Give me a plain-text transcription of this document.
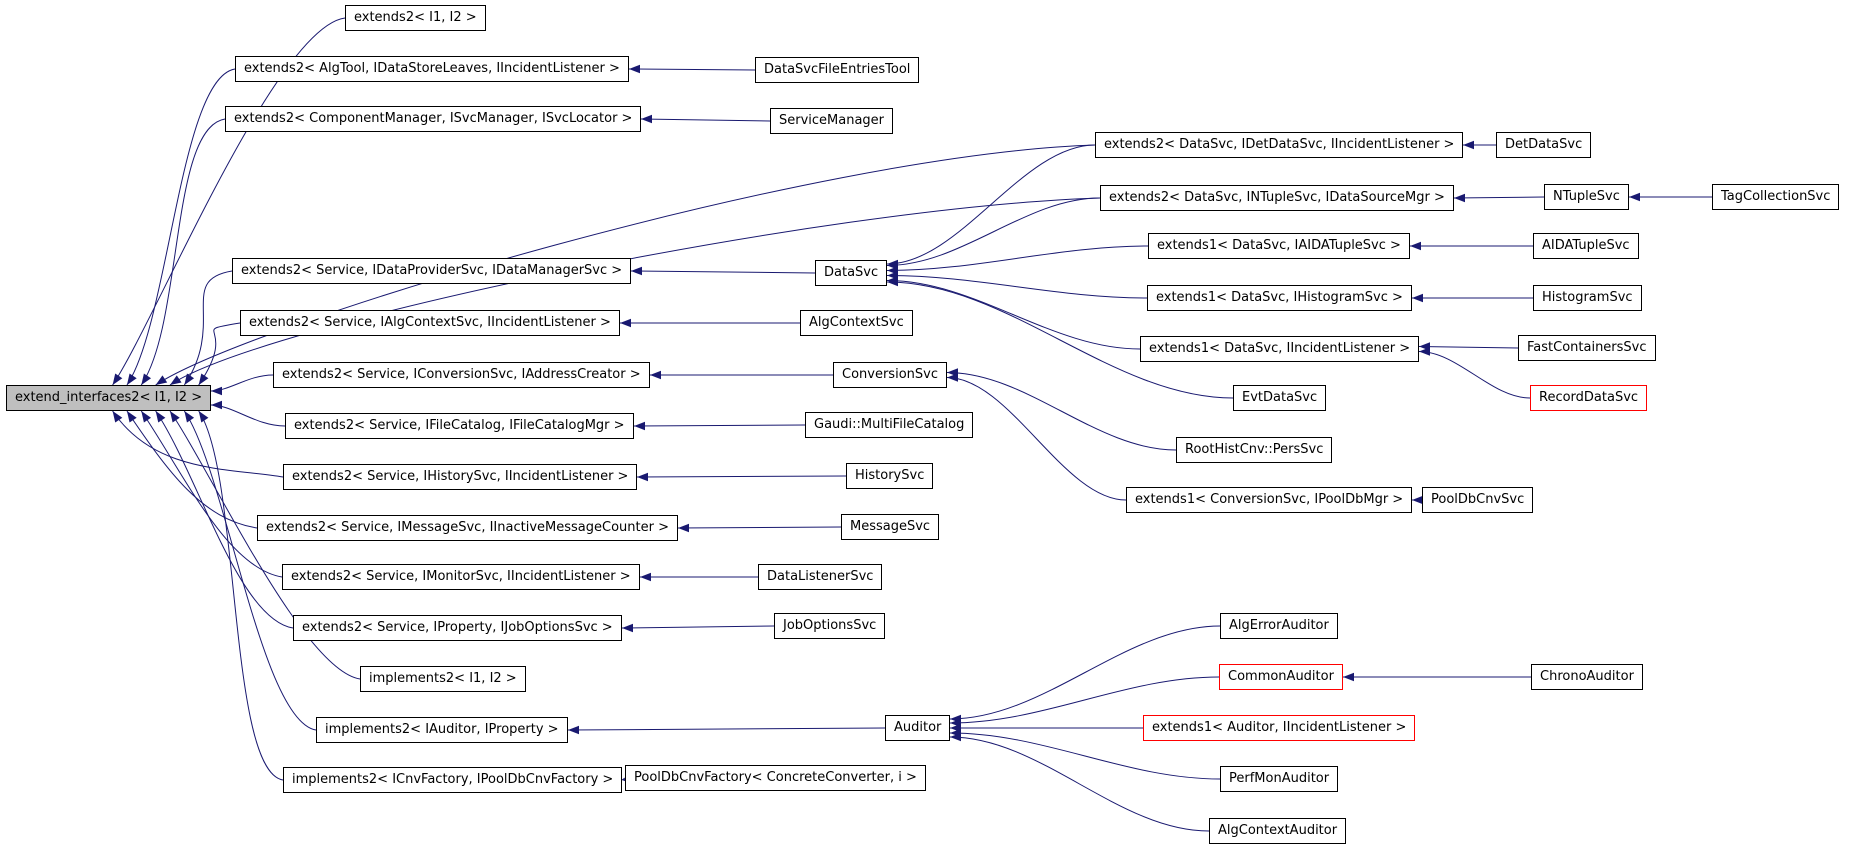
extend_interfaces2< I1, I2 >
extends2< I1, I2 >
extends2< AlgTool, IDataStoreLeaves, IIncidentListener >
extends2< ComponentManager, ISvcManager, ISvcLocator >
extends2< Service, IDataProviderSvc, IDataManagerSvc >
extends2< Service, IAlgContextSvc, IIncidentListener >
extends2< Service, IConversionSvc, IAddressCreator >
extends2< Service, IFileCatalog, IFileCatalogMgr >
extends2< Service, IHistorySvc, IIncidentListener >
extends2< Service, IMessageSvc, IInactiveMessageCounter >
extends2< Service, IMonitorSvc, IIncidentListener >
extends2< Service, IProperty, IJobOptionsSvc >
implements2< I1, I2 >
implements2< IAuditor, IProperty >
implements2< ICnvFactory, IPoolDbCnvFactory >
DataSvcFileEntriesTool
ServiceManager
DataSvc
AlgContextSvc
ConversionSvc
Gaudi::MultiFileCatalog
HistorySvc
MessageSvc
DataListenerSvc
JobOptionsSvc
Auditor
PoolDbCnvFactory< ConcreteConverter, i >
extends2< DataSvc, IDetDataSvc, IIncidentListener >	DetDataSvc
extends2< DataSvc, INTupleSvc, IDataSourceMgr >	NTupleSvc	TagCollectionSvc
extends1< DataSvc, IAIDATupleSvc >	AIDATupleSvc
extends1< DataSvc, IHistogramSvc >	HistogramSvc
extends1< DataSvc, IIncidentListener >	FastContainersSvc
RecordDataSvc
EvtDataSvc
RootHistCnv::PersSvc
extends1< ConversionSvc, IPoolDbMgr >	PoolDbCnvSvc
AlgErrorAuditor
CommonAuditor	ChronoAuditor
extends1< Auditor, IIncidentListener >
PerfMonAuditor
AlgContextAuditor
